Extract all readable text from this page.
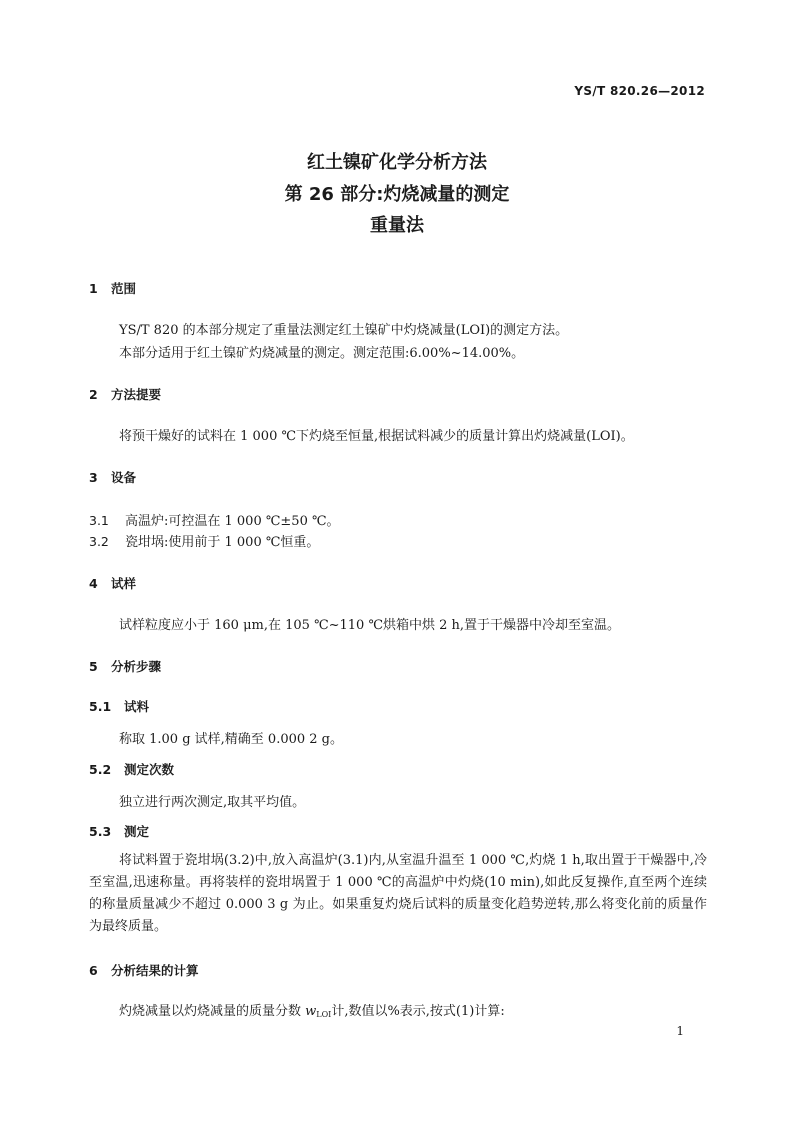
YS/T 820.26—2012
红土镍矿化学分析方法
第 26 部分:灼烧减量的测定
重量法
1 范围
YS/T 820 的本部分规定了重量法测定红土镍矿中灼烧减量(LOI)的测定方法。
本部分适用于红土镍矿灼烧减量的测定。测定范围:6.00%~14.00%。
2 方法提要
将预干燥好的试料在 1 000 ℃下灼烧至恒量,根据试料减少的质量计算出灼烧减量(LOI)。
3 设备
3.1 高温炉:可控温在 1 000 ℃±50 ℃。
3.2 瓷坩埚:使用前于 1 000 ℃恒重。
4 试样
试样粒度应小于 160 μm,在 105 ℃~110 ℃烘箱中烘 2 h,置于干燥器中冷却至室温。
5 分析步骤
5.1 试料
称取 1.00 g 试样,精确至 0.000 2 g。
5.2 测定次数
独立进行两次测定,取其平均值。
5.3 测定
将试料置于瓷坩埚(3.2)中,放入高温炉(3.1)内,从室温升温至 1 000 ℃,灼烧 1 h,取出置于干燥器中,冷至室温,迅速称量。再将装样的瓷坩埚置于 1 000 ℃的高温炉中灼烧(10 min),如此反复操作,直至两个连续的称量质量减少不超过 0.000 3 g 为止。如果重复灼烧后试料的质量变化趋势逆转,那么将变化前的质量作为最终质量。
6 分析结果的计算
灼烧减量以灼烧减量的质量分数 $w_{LOI}$计,数值以%表示,按式(1)计算:
1
